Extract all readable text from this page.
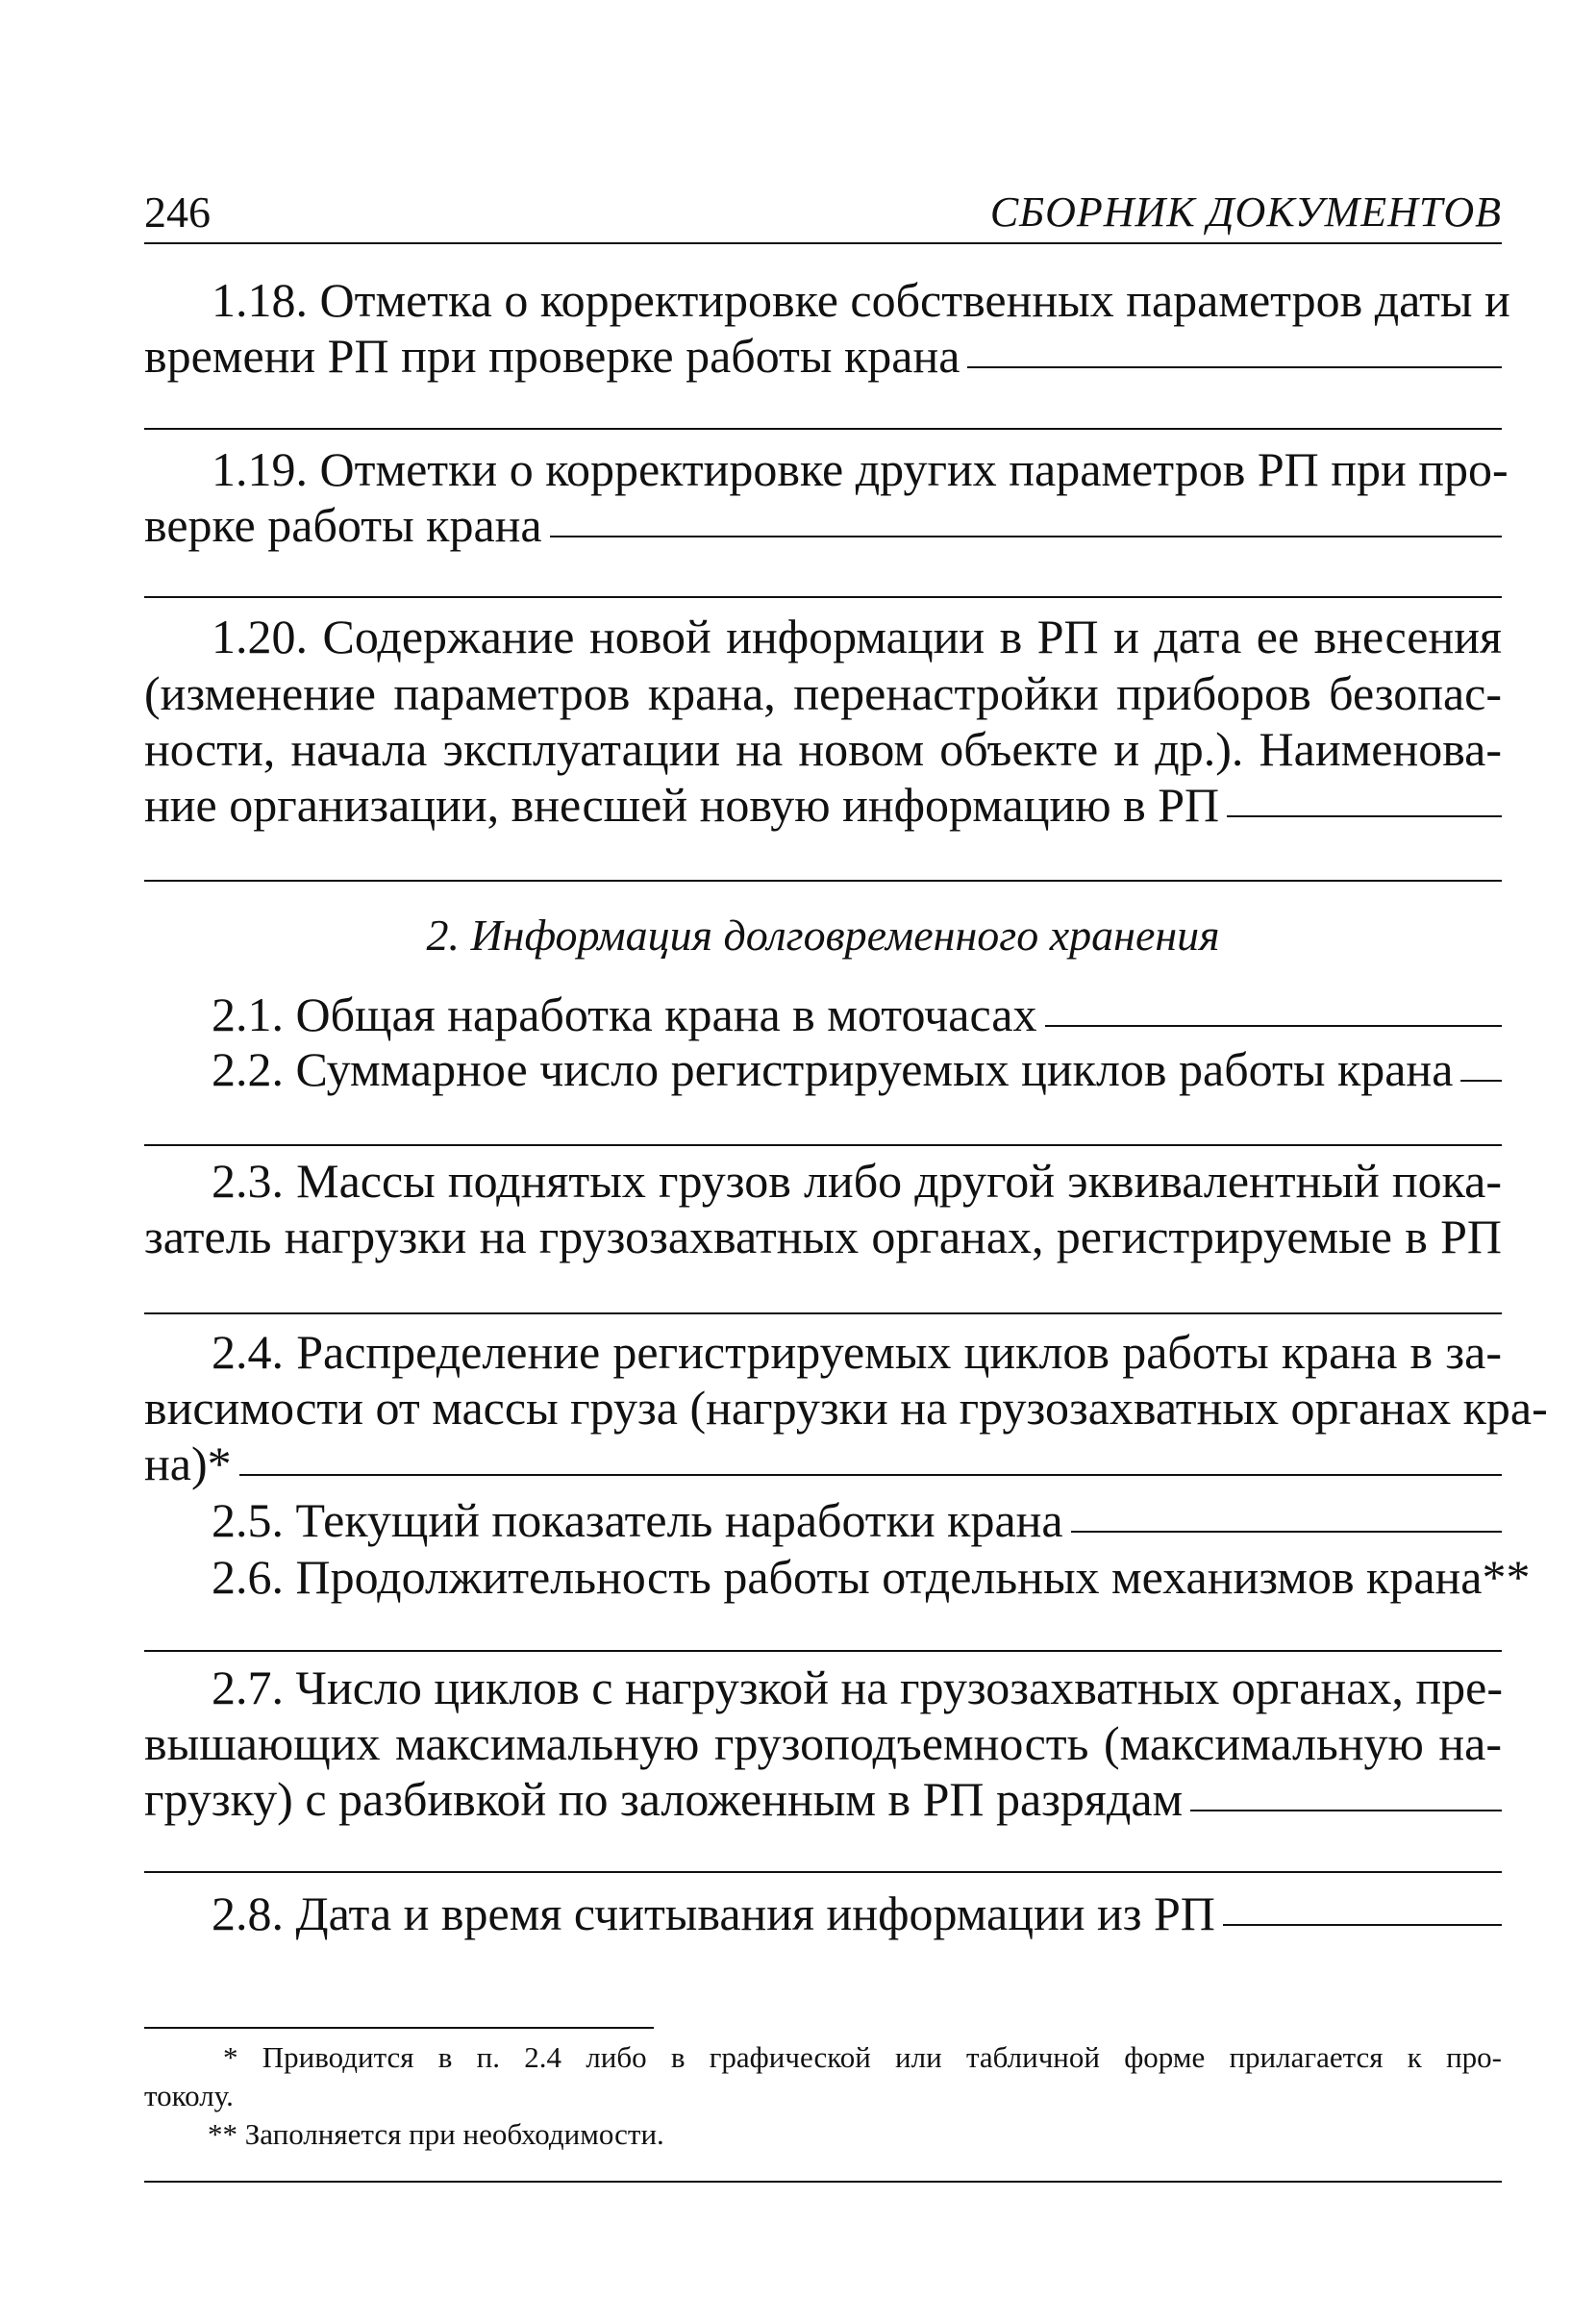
246	СБОРНИК ДОКУМЕНТОВ
1.18. Отметка о корректировке собственных параметров даты и
времени РП при проверке работы крана
1.19. Отметки о корректировке других параметров РП при про-
верке работы крана
1.20. Содержание новой информации в РП и дата ее внесения
(изменение параметров крана, перенастройки приборов безопас-
ности, начала эксплуатации на новом объекте и др.). Наименова-
ние организации, внесшей новую информацию в РП
2. Информация долговременного хранения
2.1. Общая наработка крана в моточасах
2.2. Суммарное число регистрируемых циклов работы крана
2.3. Массы поднятых грузов либо другой эквивалентный пока-
затель нагрузки на грузозахватных органах, регистрируемые в РП
2.4. Распределение регистрируемых циклов работы крана в за-
висимости от массы груза (нагрузки на грузозахватных органах кра-
на)*
2.5. Текущий показатель наработки крана
2.6. Продолжительность работы отдельных механизмов крана**
2.7. Число циклов с нагрузкой на грузозахватных органах, пре-
вышающих максимальную грузоподъемность (максимальную на-
грузку) с разбивкой по заложенным в РП разрядам
2.8. Дата и время считывания информации из РП
* Приводится в п. 2.4 либо в графической или табличной форме прилагается к про-
токолу.
** Заполняется при необходимости.
